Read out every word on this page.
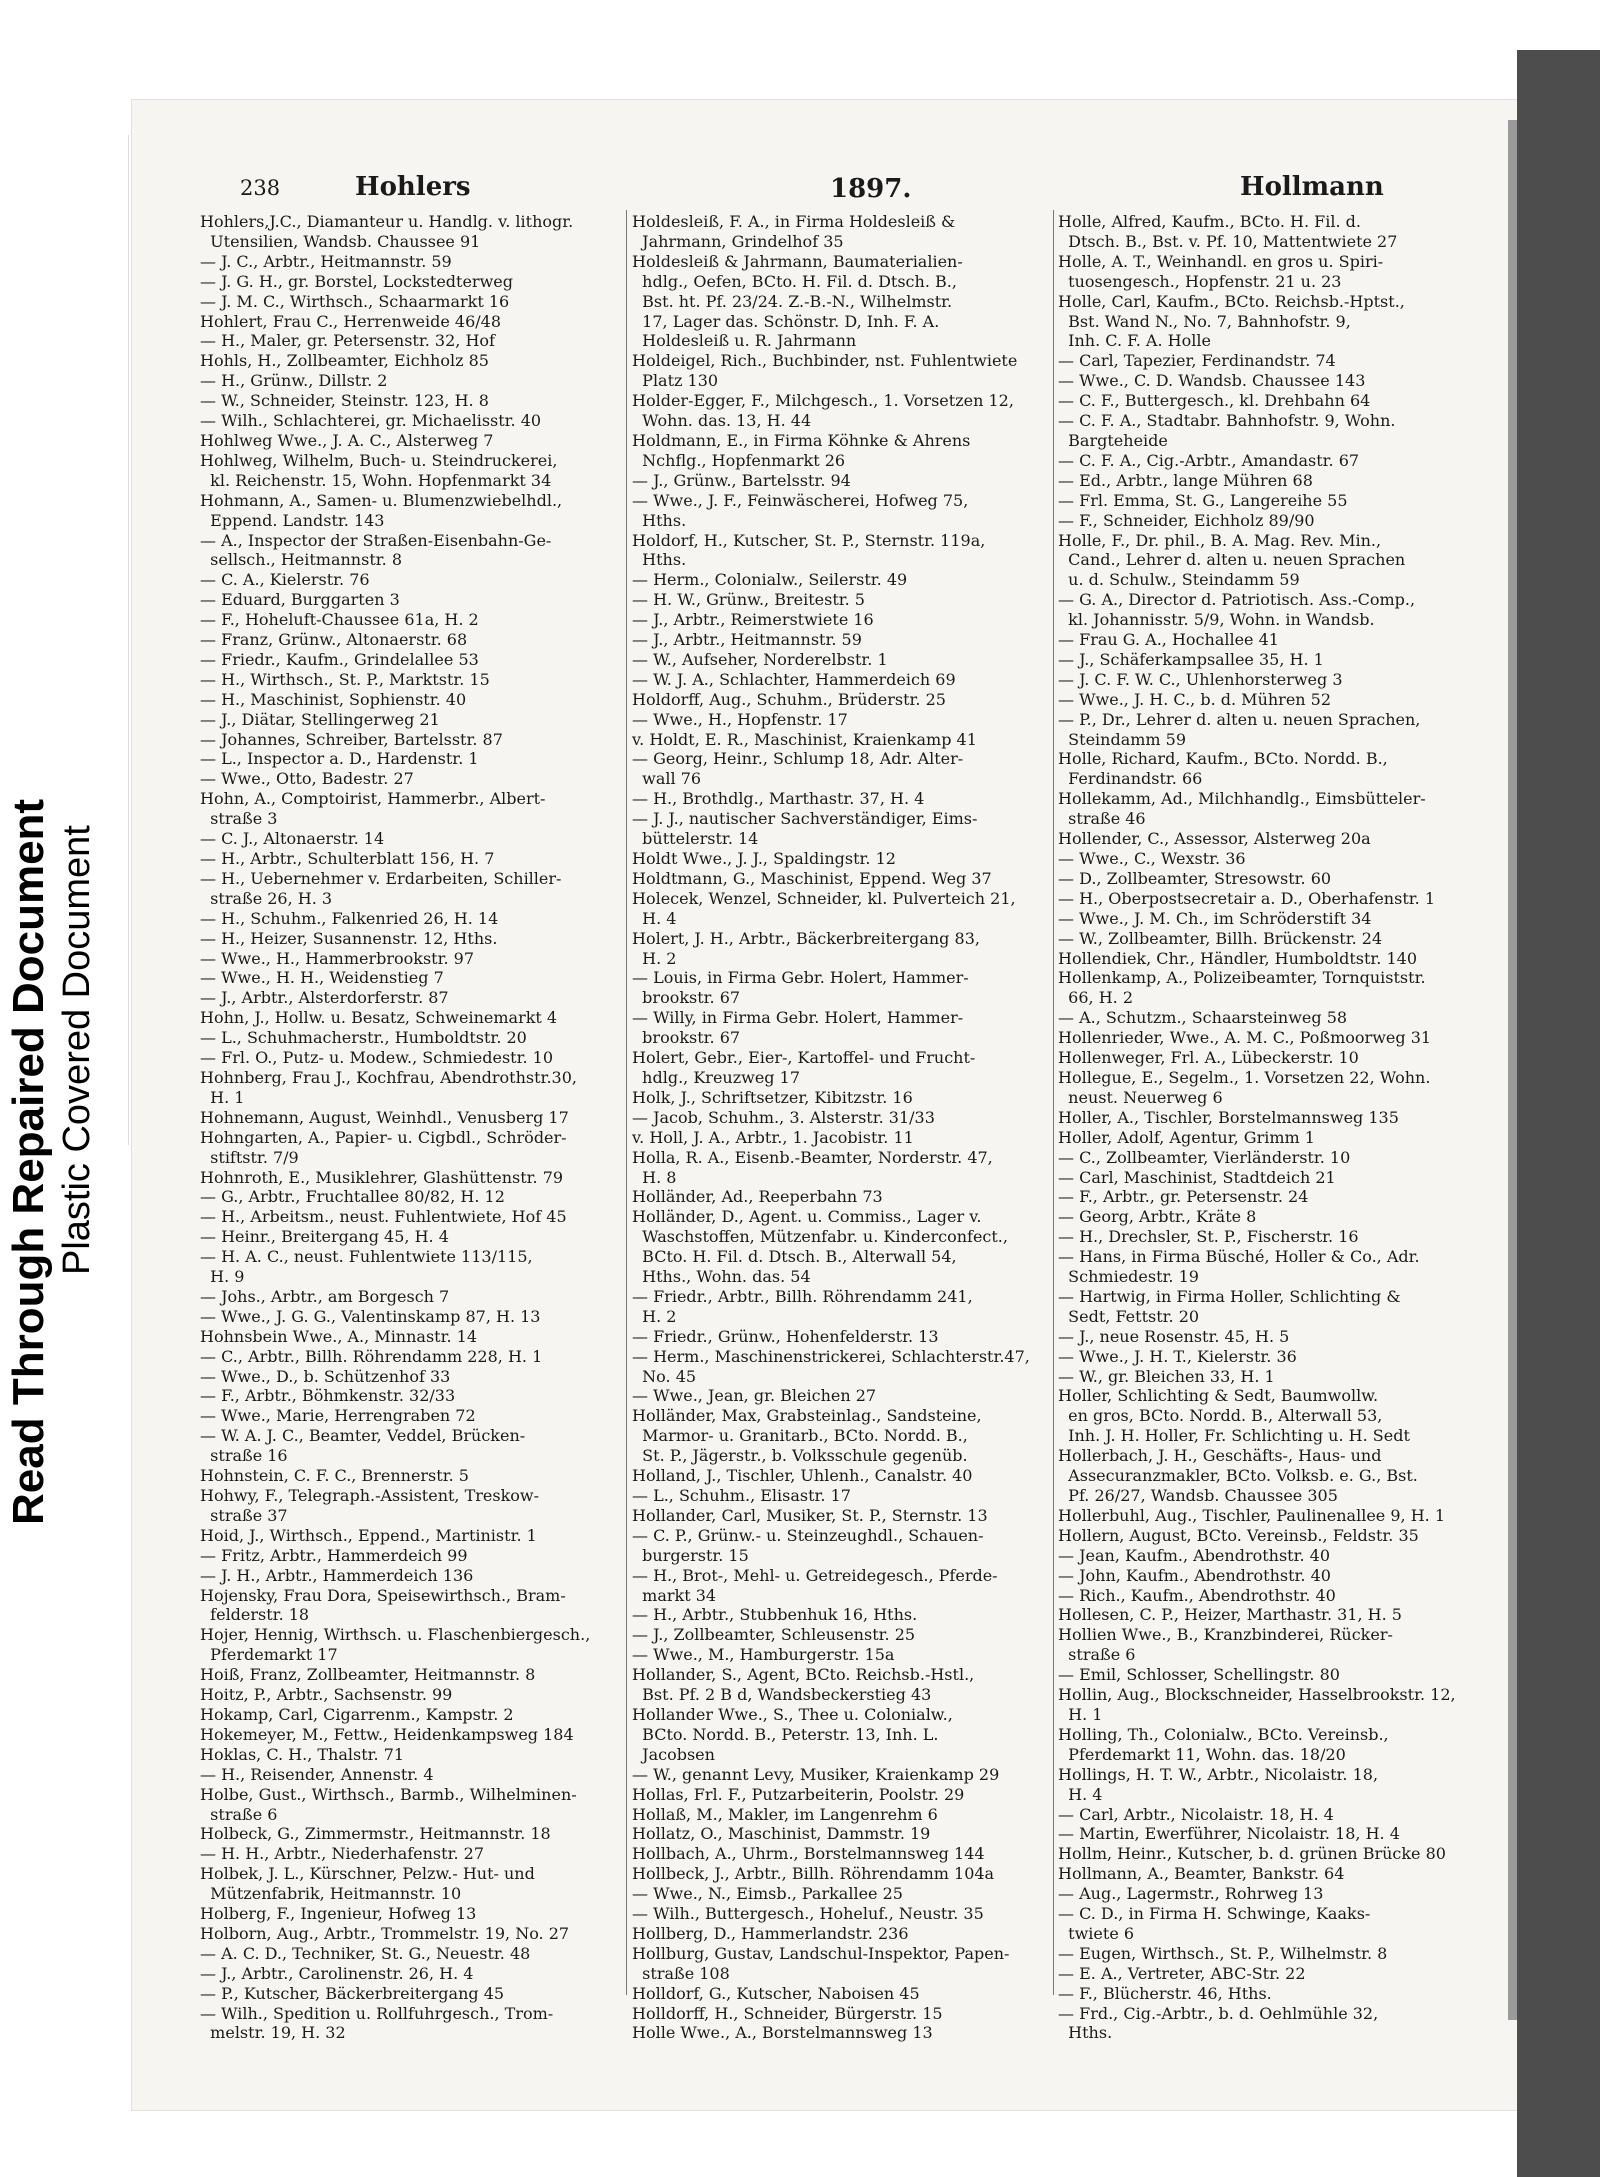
Read Through Repaired Document Plastic Covered Document
238	Hohlers	1897.	Hollmann
Hohlers,J.C., Diamanteur u. Handlg. v. lithogr.
Utensilien, Wandsb. Chaussee 91
— J. C., Arbtr., Heitmannstr. 59
— J. G. H., gr. Borstel, Lockstedterweg
— J. M. C., Wirthsch., Schaarmarkt 16
Hohlert, Frau C., Herrenweide 46/48
— H., Maler, gr. Petersenstr. 32, Hof
Hohls, H., Zollbeamter, Eichholz 85
— H., Grünw., Dillstr. 2
— W., Schneider, Steinstr. 123, H. 8
— Wilh., Schlachterei, gr. Michaelisstr. 40
Hohlweg Wwe., J. A. C., Alsterweg 7
Hohlweg, Wilhelm, Buch- u. Steindruckerei,
kl. Reichenstr. 15, Wohn. Hopfenmarkt 34
Hohmann, A., Samen- u. Blumenzwiebelhdl.,
Eppend. Landstr. 143
— A., Inspector der Straßen-Eisenbahn-Ge-
sellsch., Heitmannstr. 8
— C. A., Kielerstr. 76
— Eduard, Burggarten 3
— F., Hoheluft-Chaussee 61a, H. 2
— Franz, Grünw., Altonaerstr. 68
— Friedr., Kaufm., Grindelallee 53
— H., Wirthsch., St. P., Marktstr. 15
— H., Maschinist, Sophienstr. 40
— J., Diätar, Stellingerweg 21
— Johannes, Schreiber, Bartelsstr. 87
— L., Inspector a. D., Hardenstr. 1
— Wwe., Otto, Badestr. 27
Hohn, A., Comptoirist, Hammerbr., Albert-
straße 3
— C. J., Altonaerstr. 14
— H., Arbtr., Schulterblatt 156, H. 7
— H., Uebernehmer v. Erdarbeiten, Schiller-
straße 26, H. 3
— H., Schuhm., Falkenried 26, H. 14
— H., Heizer, Susannenstr. 12, Hths.
— Wwe., H., Hammerbrookstr. 97
— Wwe., H. H., Weidenstieg 7
— J., Arbtr., Alsterdorferstr. 87
Hohn, J., Hollw. u. Besatz, Schweinemarkt 4
— L., Schuhmacherstr., Humboldtstr. 20
— Frl. O., Putz- u. Modew., Schmiedestr. 10
Hohnberg, Frau J., Kochfrau, Abendrothstr.30,
H. 1
Hohnemann, August, Weinhdl., Venusberg 17
Hohngarten, A., Papier- u. Cigbdl., Schröder-
stiftstr. 7/9
Hohnroth, E., Musiklehrer, Glashüttenstr. 79
— G., Arbtr., Fruchtallee 80/82, H. 12
— H., Arbeitsm., neust. Fuhlentwiete, Hof 45
— Heinr., Breitergang 45, H. 4
— H. A. C., neust. Fuhlentwiete 113/115,
H. 9
— Johs., Arbtr., am Borgesch 7
— Wwe., J. G. G., Valentinskamp 87, H. 13
Hohnsbein Wwe., A., Minnastr. 14
— C., Arbtr., Billh. Röhrendamm 228, H. 1
— Wwe., D., b. Schützenhof 33
— F., Arbtr., Böhmkenstr. 32/33
— Wwe., Marie, Herrengraben 72
— W. A. J. C., Beamter, Veddel, Brücken-
straße 16
Hohnstein, C. F. C., Brennerstr. 5
Hohwy, F., Telegraph.-Assistent, Treskow-
straße 37
Hoid, J., Wirthsch., Eppend., Martinistr. 1
— Fritz, Arbtr., Hammerdeich 99
— J. H., Arbtr., Hammerdeich 136
Hojensky, Frau Dora, Speisewirthsch., Bram-
felderstr. 18
Hojer, Hennig, Wirthsch. u. Flaschenbiergesch.,
Pferdemarkt 17
Hoiß, Franz, Zollbeamter, Heitmannstr. 8
Hoitz, P., Arbtr., Sachsenstr. 99
Hokamp, Carl, Cigarrenm., Kampstr. 2
Hokemeyer, M., Fettw., Heidenkampsweg 184
Hoklas, C. H., Thalstr. 71
— H., Reisender, Annenstr. 4
Holbe, Gust., Wirthsch., Barmb., Wilhelminen-
straße 6
Holbeck, G., Zimmermstr., Heitmannstr. 18
— H. H., Arbtr., Niederhafenstr. 27
Holbek, J. L., Kürschner, Pelzw.- Hut- und
Mützenfabrik, Heitmannstr. 10
Holberg, F., Ingenieur, Hofweg 13
Holborn, Aug., Arbtr., Trommelstr. 19, No. 27
— A. C. D., Techniker, St. G., Neuestr. 48
— J., Arbtr., Carolinenstr. 26, H. 4
— P., Kutscher, Bäckerbreitergang 45
— Wilh., Spedition u. Rollfuhrgesch., Trom-
melstr. 19, H. 32
Holdesleiß, F. A., in Firma Holdesleiß &
Jahrmann, Grindelhof 35
Holdesleiß & Jahrmann, Baumaterialien-
hdlg., Oefen, BCto. H. Fil. d. Dtsch. B.,
Bst. ht. Pf. 23/24. Z.-B.-N., Wilhelmstr.
17, Lager das. Schönstr. D, Inh. F. A.
Holdesleiß u. R. Jahrmann
Holdeigel, Rich., Buchbinder, nst. Fuhlentwiete
Platz 130
Holder-Egger, F., Milchgesch., 1. Vorsetzen 12,
Wohn. das. 13, H. 44
Holdmann, E., in Firma Köhnke & Ahrens
Nchflg., Hopfenmarkt 26
— J., Grünw., Bartelsstr. 94
— Wwe., J. F., Feinwäscherei, Hofweg 75,
Hths.
Holdorf, H., Kutscher, St. P., Sternstr. 119a,
Hths.
— Herm., Colonialw., Seilerstr. 49
— H. W., Grünw., Breitestr. 5
— J., Arbtr., Reimerstwiete 16
— J., Arbtr., Heitmannstr. 59
— W., Aufseher, Norderelbstr. 1
— W. J. A., Schlachter, Hammerdeich 69
Holdorff, Aug., Schuhm., Brüderstr. 25
— Wwe., H., Hopfenstr. 17
v. Holdt, E. R., Maschinist, Kraienkamp 41
— Georg, Heinr., Schlump 18, Adr. Alter-
wall 76
— H., Brothdlg., Marthastr. 37, H. 4
— J. J., nautischer Sachverständiger, Eims-
büttelerstr. 14
Holdt Wwe., J. J., Spaldingstr. 12
Holdtmann, G., Maschinist, Eppend. Weg 37
Holecek, Wenzel, Schneider, kl. Pulverteich 21,
H. 4
Holert, J. H., Arbtr., Bäckerbreitergang 83,
H. 2
— Louis, in Firma Gebr. Holert, Hammer-
brookstr. 67
— Willy, in Firma Gebr. Holert, Hammer-
brookstr. 67
Holert, Gebr., Eier-, Kartoffel- und Frucht-
hdlg., Kreuzweg 17
Holk, J., Schriftsetzer, Kibitzstr. 16
— Jacob, Schuhm., 3. Alsterstr. 31/33
v. Holl, J. A., Arbtr., 1. Jacobistr. 11
Holla, R. A., Eisenb.-Beamter, Norderstr. 47,
H. 8
Holländer, Ad., Reeperbahn 73
Holländer, D., Agent. u. Commiss., Lager v.
Waschstoffen, Mützenfabr. u. Kinderconfect.,
BCto. H. Fil. d. Dtsch. B., Alterwall 54,
Hths., Wohn. das. 54
— Friedr., Arbtr., Billh. Röhrendamm 241,
H. 2
— Friedr., Grünw., Hohenfelderstr. 13
— Herm., Maschinenstrickerei, Schlachterstr.47,
No. 45
— Wwe., Jean, gr. Bleichen 27
Holländer, Max, Grabsteinlag., Sandsteine,
Marmor- u. Granitarb., BCto. Nordd. B.,
St. P., Jägerstr., b. Volksschule gegenüb.
Holland, J., Tischler, Uhlenh., Canalstr. 40
— L., Schuhm., Elisastr. 17
Hollander, Carl, Musiker, St. P., Sternstr. 13
— C. P., Grünw.- u. Steinzeughdl., Schauen-
burgerstr. 15
— H., Brot-, Mehl- u. Getreidegesch., Pferde-
markt 34
— H., Arbtr., Stubbenhuk 16, Hths.
— J., Zollbeamter, Schleusenstr. 25
— Wwe., M., Hamburgerstr. 15a
Hollander, S., Agent, BCto. Reichsb.-Hstl.,
Bst. Pf. 2 B d, Wandsbeckerstieg 43
Hollander Wwe., S., Thee u. Colonialw.,
BCto. Nordd. B., Peterstr. 13, Inh. L.
Jacobsen
— W., genannt Levy, Musiker, Kraienkamp 29
Hollas, Frl. F., Putzarbeiterin, Poolstr. 29
Hollaß, M., Makler, im Langenrehm 6
Hollatz, O., Maschinist, Dammstr. 19
Hollbach, A., Uhrm., Borstelmannsweg 144
Hollbeck, J., Arbtr., Billh. Röhrendamm 104a
— Wwe., N., Eimsb., Parkallee 25
— Wilh., Buttergesch., Hoheluf., Neustr. 35
Hollberg, D., Hammerlandstr. 236
Hollburg, Gustav, Landschul-Inspektor, Papen-
straße 108
Holldorf, G., Kutscher, Naboisen 45
Holldorff, H., Schneider, Bürgerstr. 15
Holle Wwe., A., Borstelmannsweg 13
Holle, Alfred, Kaufm., BCto. H. Fil. d.
Dtsch. B., Bst. v. Pf. 10, Mattentwiete 27
Holle, A. T., Weinhandl. en gros u. Spiri-
tuosengesch., Hopfenstr. 21 u. 23
Holle, Carl, Kaufm., BCto. Reichsb.-Hptst.,
Bst. Wand N., No. 7, Bahnhofstr. 9,
Inh. C. F. A. Holle
— Carl, Tapezier, Ferdinandstr. 74
— Wwe., C. D. Wandsb. Chaussee 143
— C. F., Buttergesch., kl. Drehbahn 64
— C. F. A., Stadtabr. Bahnhofstr. 9, Wohn.
Bargteheide
— C. F. A., Cig.-Arbtr., Amandastr. 67
— Ed., Arbtr., lange Mühren 68
— Frl. Emma, St. G., Langereihe 55
— F., Schneider, Eichholz 89/90
Holle, F., Dr. phil., B. A. Mag. Rev. Min.,
Cand., Lehrer d. alten u. neuen Sprachen
u. d. Schulw., Steindamm 59
— G. A., Director d. Patriotisch. Ass.-Comp.,
kl. Johannisstr. 5/9, Wohn. in Wandsb.
— Frau G. A., Hochallee 41
— J., Schäferkampsallee 35, H. 1
— J. C. F. W. C., Uhlenhorsterweg 3
— Wwe., J. H. C., b. d. Mühren 52
— P., Dr., Lehrer d. alten u. neuen Sprachen,
Steindamm 59
Holle, Richard, Kaufm., BCto. Nordd. B.,
Ferdinandstr. 66
Hollekamm, Ad., Milchhandlg., Eimsbütteler-
straße 46
Hollender, C., Assessor, Alsterweg 20a
— Wwe., C., Wexstr. 36
— D., Zollbeamter, Stresowstr. 60
— H., Oberpostsecretair a. D., Oberhafenstr. 1
— Wwe., J. M. Ch., im Schröderstift 34
— W., Zollbeamter, Billh. Brückenstr. 24
Hollendiek, Chr., Händler, Humboldtstr. 140
Hollenkamp, A., Polizeibeamter, Tornquiststr.
66, H. 2
— A., Schutzm., Schaarsteinweg 58
Hollenrieder, Wwe., A. M. C., Poßmoorweg 31
Hollenweger, Frl. A., Lübeckerstr. 10
Hollegue, E., Segelm., 1. Vorsetzen 22, Wohn.
neust. Neuerweg 6
Holler, A., Tischler, Borstelmannsweg 135
Holler, Adolf, Agentur, Grimm 1
— C., Zollbeamter, Vierländerstr. 10
— Carl, Maschinist, Stadtdeich 21
— F., Arbtr., gr. Petersenstr. 24
— Georg, Arbtr., Kräte 8
— H., Drechsler, St. P., Fischerstr. 16
— Hans, in Firma Büsché, Holler & Co., Adr.
Schmiedestr. 19
— Hartwig, in Firma Holler, Schlichting &
Sedt, Fettstr. 20
— J., neue Rosenstr. 45, H. 5
— Wwe., J. H. T., Kielerstr. 36
— W., gr. Bleichen 33, H. 1
Holler, Schlichting & Sedt, Baumwollw.
en gros, BCto. Nordd. B., Alterwall 53,
Inh. J. H. Holler, Fr. Schlichting u. H. Sedt
Hollerbach, J. H., Geschäfts-, Haus- und
Assecuranzmakler, BCto. Volksb. e. G., Bst.
Pf. 26/27, Wandsb. Chaussee 305
Hollerbuhl, Aug., Tischler, Paulinenallee 9, H. 1
Hollern, August, BCto. Vereinsb., Feldstr. 35
— Jean, Kaufm., Abendrothstr. 40
— John, Kaufm., Abendrothstr. 40
— Rich., Kaufm., Abendrothstr. 40
Hollesen, C. P., Heizer, Marthastr. 31, H. 5
Hollien Wwe., B., Kranzbinderei, Rücker-
straße 6
— Emil, Schlosser, Schellingstr. 80
Hollin, Aug., Blockschneider, Hasselbrookstr. 12,
H. 1
Holling, Th., Colonialw., BCto. Vereinsb.,
Pferdemarkt 11, Wohn. das. 18/20
Hollings, H. T. W., Arbtr., Nicolaistr. 18,
H. 4
— Carl, Arbtr., Nicolaistr. 18, H. 4
— Martin, Ewerführer, Nicolaistr. 18, H. 4
Hollm, Heinr., Kutscher, b. d. grünen Brücke 80
Hollmann, A., Beamter, Bankstr. 64
— Aug., Lagermstr., Rohrweg 13
— C. D., in Firma H. Schwinge, Kaaks-
twiete 6
— Eugen, Wirthsch., St. P., Wilhelmstr. 8
— E. A., Vertreter, ABC-Str. 22
— F., Blücherstr. 46, Hths.
— Frd., Cig.-Arbtr., b. d. Oehlmühle 32,
Hths.
